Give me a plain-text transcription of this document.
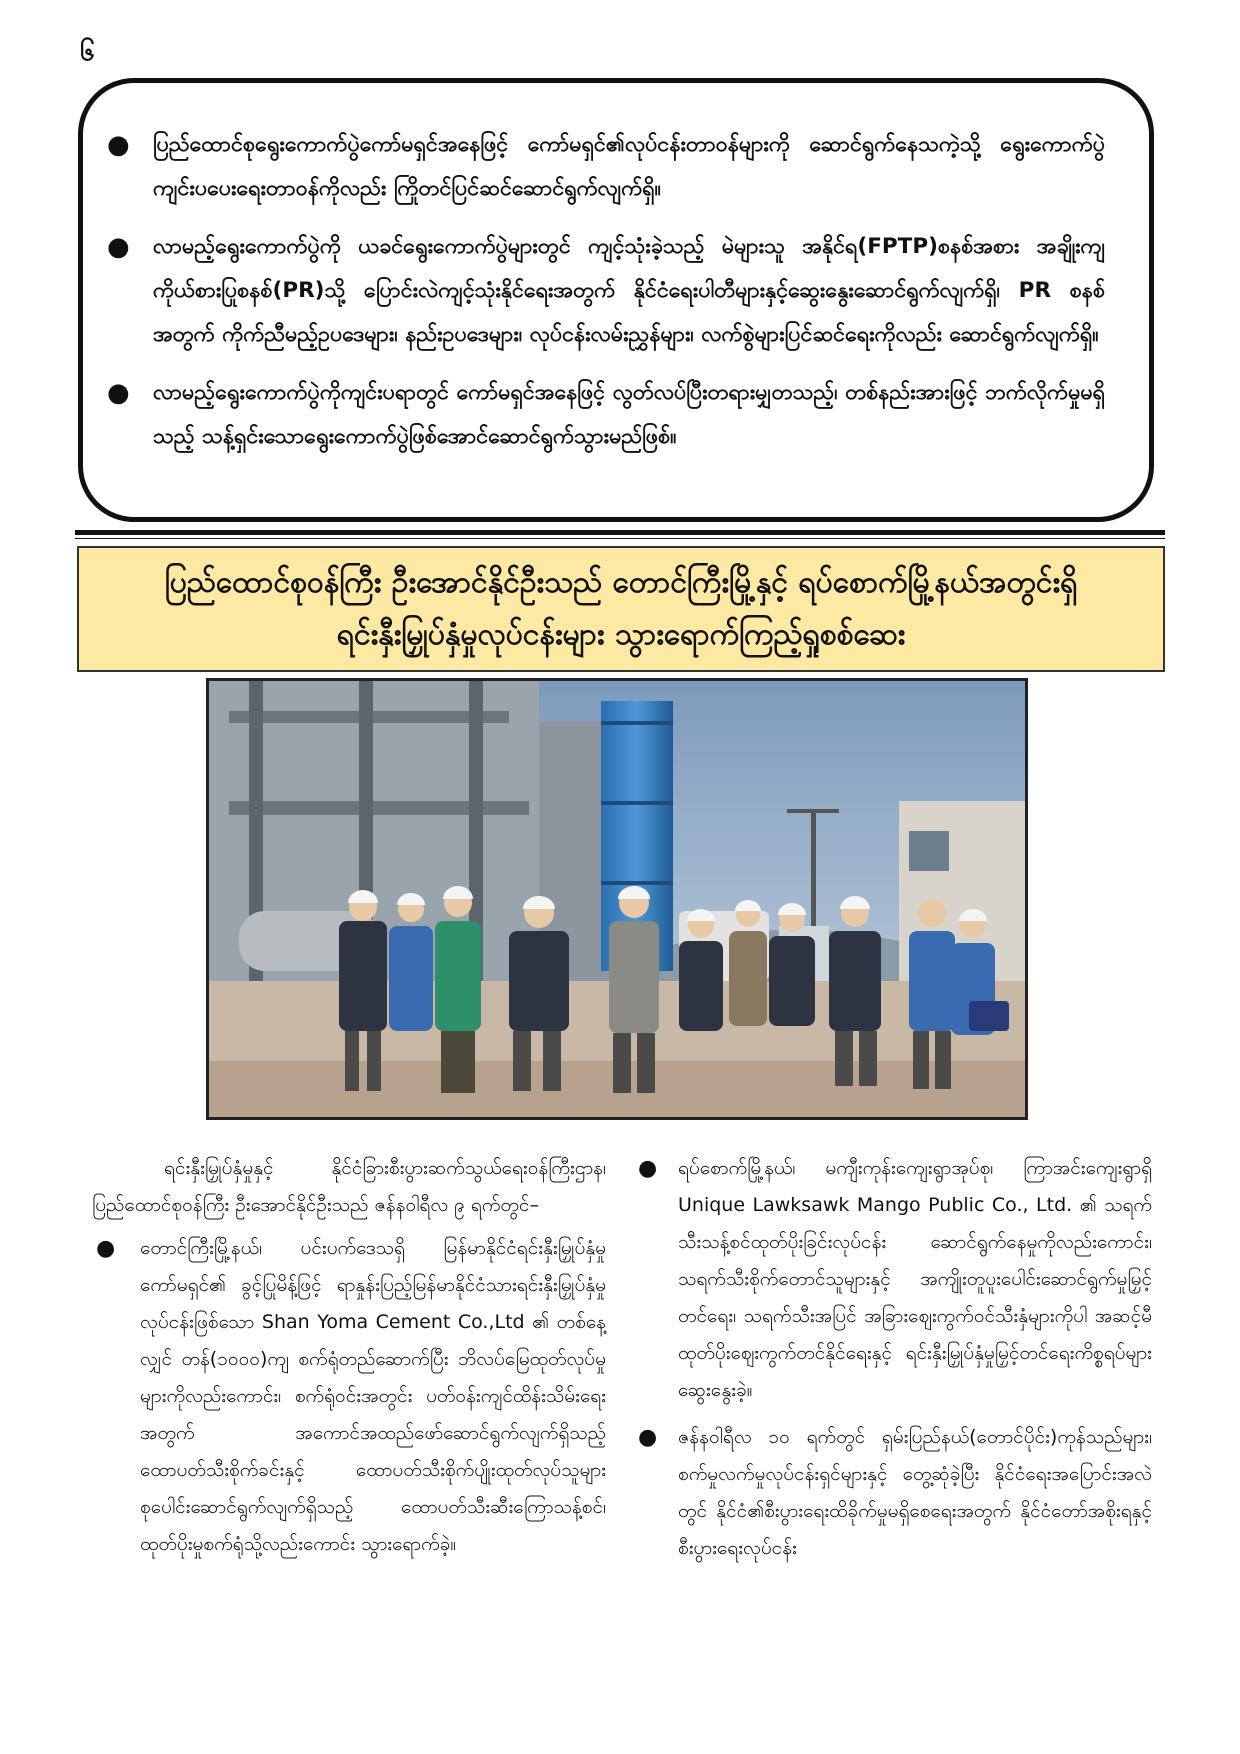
၆
● ပြည်ထောင်စုရွေးကောက်ပွဲကော်မရှင်အနေဖြင့် ကော်မရှင်၏လုပ်ငန်းတာဝန်များကို ဆောင်ရွက်နေသကဲ့သို့ ရွေးကောက်ပွဲကျင်းပပေးရေးတာဝန်ကိုလည်း ကြိုတင်ပြင်ဆင်ဆောင်ရွက်လျက်ရှိ။
● လာမည့်ရွေးကောက်ပွဲကို ယခင်ရွေးကောက်ပွဲများတွင် ကျင့်သုံးခဲ့သည့် မဲများသူ အနိုင်ရ(FPTP)စနစ်အစား အချိုးကျကိုယ်စားပြုစနစ်(PR)သို့ ပြောင်းလဲကျင့်သုံးနိုင်ရေးအတွက် နိုင်ငံရေးပါတီများနှင့်ဆွေးနွေးဆောင်ရွက်လျက်ရှိ၊ PR စနစ်အတွက် ကိုက်ညီမည့်ဥပဒေများ၊ နည်းဥပဒေများ၊ လုပ်ငန်းလမ်းညွှန်များ၊ လက်စွဲများပြင်ဆင်ရေးကိုလည်း ဆောင်ရွက်လျက်ရှိ။
● လာမည့်ရွေးကောက်ပွဲကိုကျင်းပရာတွင် ကော်မရှင်အနေဖြင့် လွတ်လပ်ပြီးတရားမျှတသည့်၊ တစ်နည်းအားဖြင့် ဘက်လိုက်မှုမရှိသည့် သန့်ရှင်းသောရွေးကောက်ပွဲဖြစ်အောင်ဆောင်ရွက်သွားမည်ဖြစ်။
ပြည်ထောင်စုဝန်ကြီး ဦးအောင်နိုင်ဦးသည် တောင်ကြီးမြို့နှင့် ရပ်စောက်မြို့နယ်အတွင်းရှိ
ရင်းနှီးမြှုပ်နှံမှုလုပ်ငန်းများ သွားရောက်ကြည့်ရှုစစ်ဆေး

ရင်းနှီးမြှုပ်နှံမှုနှင့် နိုင်ငံခြားစီးပွားဆက်သွယ်ရေးဝန်ကြီးဌာန၊ ပြည်ထောင်စုဝန်ကြီး ဦးအောင်နိုင်ဦးသည် ဇန်နဝါရီလ ၉ ရက်တွင်–

● တောင်ကြီးမြို့နယ်၊ ပင်းပက်ဒေသရှိ မြန်မာနိုင်ငံရင်းနှီးမြှုပ်နှံမှုကော်မရှင်၏ ခွင့်ပြုမိန့်ဖြင့် ရာနှုန်းပြည့်မြန်မာနိုင်ငံသားရင်းနှီးမြှုပ်နှံမှုလုပ်ငန်းဖြစ်သော Shan Yoma Cement Co.,Ltd ၏ တစ်နေ့လျှင် တန်(၁၀၀၀)ကျ စက်ရုံတည်ဆောက်ပြီး ဘိလပ်မြေထုတ်လုပ်မှုများကိုလည်းကောင်း၊ စက်ရုံဝင်းအတွင်း ပတ်ဝန်းကျင်ထိန်းသိမ်းရေးအတွက် အကောင်အထည်ဖော်ဆောင်ရွက်လျက်ရှိသည့် ထောပတ်သီးစိုက်ခင်းနှင့် ထောပတ်သီးစိုက်ပျိုးထုတ်လုပ်သူများ စုပေါင်းဆောင်ရွက်လျက်ရှိသည့် ထောပတ်သီးဆီးကြောသန့်စင်၊ ထုတ်ပိုးမှုစက်ရုံသို့လည်းကောင်း သွားရောက်ခဲ့။
● ရပ်စောက်မြို့နယ်၊ မကျီးကုန်းကျေးရွာအုပ်စု၊ ကြာအင်းကျေးရွာရှိ Unique Lawksawk Mango Public Co., Ltd. ၏ သရက်သီးသန့်စင်ထုတ်ပိုးခြင်းလုပ်ငန်း ဆောင်ရွက်နေမှုကိုလည်းကောင်း၊ သရက်သီးစိုက်တောင်သူများနှင့် အကျိုးတူပူးပေါင်းဆောင်ရွက်မှုမြှင့်တင်ရေး၊ သရက်သီးအပြင် အခြားဈေးကွက်ဝင်သီးနှံများကိုပါ အဆင့်မီထုတ်ပိုးဈေးကွက်တင်နိုင်ရေးနှင့် ရင်းနှီးမြှုပ်နှံမှုမြှင့်တင်ရေးကိစ္စရပ်များ ဆွေးနွေးခဲ့။
● ဇန်နဝါရီလ ၁၀ ရက်တွင် ရှမ်းပြည်နယ်(တောင်ပိုင်း)ကုန်သည်များ၊ စက်မှုလက်မှုလုပ်ငန်းရှင်များနှင့် တွေ့ဆုံခဲ့ပြီး နိုင်ငံရေးအပြောင်းအလဲတွင် နိုင်ငံ၏စီးပွားရေးထိခိုက်မှုမရှိစေရေးအတွက် နိုင်ငံတော်အစိုးရနှင့် စီးပွားရေးလုပ်ငန်း
